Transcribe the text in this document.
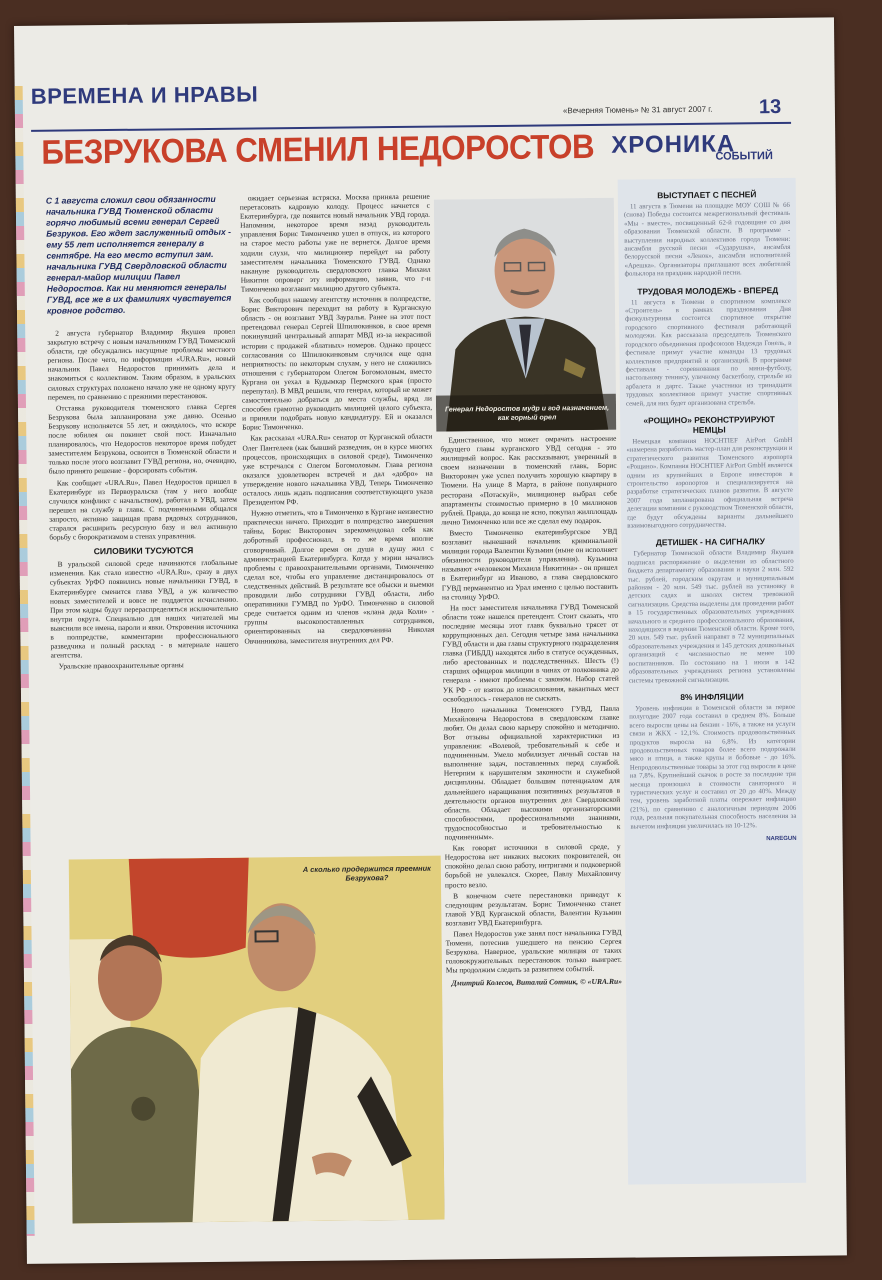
ВРЕМЕНА И НРАВЫ
«Вечерняя Тюмень» № 31 август 2007 г. 13
БЕЗРУКОВА СМЕНИЛ НЕДОРОСТОВ ХРОНИКА
СОБЫТИЙ
С 1 августа сложил свои обязанности начальника ГУВД Тюменской области горячо любимый всеми генерал Сергей Безруков. Его ждет заслуженный отдых - ему 55 лет исполняется генералу в сентябре. На его место вступил зам. начальника ГУВД Свердловской области генерал-майор милиции Павел Недоростов. Как ни меняются генералы ГУВД, все же в их фамилиях чувствуется кровное родство.

2 августа губернатор Владимир Якушев провел закрытую встречу с новым начальником ГУВД Тюменской области, где обсуждались насущные проблемы местного региона. После чего, по информации «URA.Ru», новый начальник Павел Недоростов принимать дела и знакомиться с коллективом. Таким образом, в уральских силовых структурах положено начало уже не одному кругу перемен, по сравнению с прежними перестановок.

Отставка руководителя тюменского главка Сергея Безрукова была запланирована уже давно. Осенью Безрукову исполняется 55 лет, и ожидалось, что вскоре после юбилея он покинет свой пост. Изначально планировалось, что Недоростов некоторое время побудет заместителем Безрукова, освоится в Тюменской области и только после этого возглавит ГУВД региона, но, очевидно, было принято решение - форсировать события.

Как сообщает «URA.Ru», Павел Недоростов пришел в Екатеринбург из Первоуральска (там у него вообще случился конфликт с начальством), работал в УВД, затем перешел на службу в главк. С подчиненными общался запросто, активно защищая права рядовых сотрудников, старался расширить ресурсную базу и вел активную борьбу с бюрократизмом в стенах управления.

СИЛОВИКИ ТУСУЮТСЯ

В уральской силовой среде начинаются глобальные изменения. Как стало известно «URA.Ru», сразу в двух субъектах УрФО появились новые начальники ГУВД, в Екатеринбурге сменится глава УВД, а уж количество новых заместителей и вовсе не поддается исчислению. При этом кадры будут перераспределяться исключительно внутри округа. Специально для наших читателей мы выяснили все имена, пароли и явки. Откровения источника в полпредстве, комментарии профессионального разведчика и полный расклад - в материале нашего агентства.

Уральские правоохранительные органы

ожидает серьезная встряска. Москва приняла решение перетасовать кадровую колоду. Процесс начнется с Екатеринбурга, где появится новый начальник УВД города. Напомним, некоторое время назад руководитель управления Борис Тимонченко ушел в отпуск, из которого на старое место работы уже не вернется. Долгое время ходили слухи, что милиционер перейдет на работу заместителем начальника Тюменского ГУВД. Однако накануне руководитель свердловского главка Михаил Никитин опроверг эту информацию, заявив, что г-н Тимонченко возглавит милицию другого субъекта.

Как сообщил нашему агентству источник в полпредстве, Борис Викторович переходит на работу в Курганскую область - он возглавит УВД Зауралья. Ранее на этот пост претендовал генерал Сергей Шпилюкинков, в свое время покинувший центральный аппарат МВД из-за некрасивой истории с продажей «блатных» номеров. Однако процесс согласования со Шпилюкинковым случился еще одна неприятность: по некоторым слухам, у него не сложились отношения с губернатором Олегом Богомоловым, вместо Кургана он уехал в Кудымкар Пермского края (просто перепутал). В МВД решили, что генерал, который не может самостоятельно добраться до места службы, вряд ли способен грамотно руководить милицией целого субъекта, и приняли подобрать новую кандидатуру. Ей и оказался Борис Тимонченко.

Как рассказал «URA.Ru» сенатор от Курганской области Олег Пантелеев (как бывший разведчик, он в курсе многих процессов, происходящих в силовой среде), Тимонченко уже встречался с Олегом Богомоловым. Глава региона оказался удовлетворен встречей и дал «добро» на утверждение нового начальника УВД. Теперь Тимонченко осталось лишь ждать подписания соответствующего указа Президентом РФ.

Нужно отметить, что в Тимонченко в Кургане неизвестно практически ничего. Приходит в полпредство завершения тайны, Борис Викторович зарекомендовал себя как добротный профессионал, в то же время вполне сговорчивый. Долгое время он душа в душу жил с администрацией Екатеринбурга. Когда у мэрии начались проблемы с правоохранительными органами, Тимонченко сделал все, чтобы его управление дистанцировалось от следственных действий. В результате все обыски и выемки проводили либо сотрудники ГУВД области, либо оперативники ГУМВД по УрФО. Тимонченко в силовой среде считается одним из членов «клана деда Коли» - группы высокопоставленных сотрудников, ориентированных на свердловчанина Николая Овчинникова, заместителя внутренних дел РФ.

Генерал Недоростов мудр и год назначением, как горный орел

Единственное, что может омрачать настроение будущего главы курганского УВД сегодня - это жилищный вопрос. Как рассказывают, уверенный в своем назначении в тюменский главк, Борис Викторович уже успел получить хорошую квартиру в Тюмени. На улице 8 Марта, в районе популярного ресторана «Потаскуй», милиционер выбрал себе апартаменты стоимостью примерно в 10 миллионов рублей. Правда, до конца не ясно, покупал жилплощадь лично Тимонченко или все же сделал ему подарок.

Вместо Тимонченко екатеринбургское УВД возглавит нынешний начальник криминальной милиции города Валентин Кузьмин (ныне он исполняет обязанности руководителя управления). Кузьмина называют «человеком Михаила Никитина» - он пришел в Екатеринбург из Иваново, а глава свердловского ГУВД перманентно из Урал именно с целью поставить на столицу УрФО.

На пост заместителя начальника ГУВД Тюменской области тоже нашелся претендент. Стоит сказать, что последние месяцы этот главк буквально трясет от коррупционных дел. Сегодня четыре зама начальника ГУВД области и два главы структурного подразделения главка (ГИБДД) находятся либо в статусе осужденных, либо арестованных и подследственных. Шесть (!) старших офицеров милиции в чинах от полковника до генерала - имеют проблемы с законом. Набор статей УК РФ - от взяток до изнасилования, вакантных мест освободилось - генералов не сыскать.

Нового начальника Тюменского ГУВД, Павла Михайловича Недоростова в свердловском главке любят. Он делал свою карьеру спокойно и методично. Вот отзывы официальной характеристики из управления: «Волевой, требовательный к себе и подчиненным. Умело мобилизует личный состав на выполнение задач, поставленных перед службой. Нетерпим к нарушителям законности и служебной дисциплины. Обладает большим потенциалом для дальнейшего наращивания позитивных результатов в деятельности органов внутренних дел Свердловской области. Обладает высокими организаторскими способностями, профессиональными знаниями, трудоспособностью и требовательностью к подчиненным».

Как говорят источники в силовой среде, у Недоростова нет никаких высоких покровителей, он спокойно делал свою работу, интригами и подковерной борьбой не увлекался. Скорее, Павлу Михайловичу просто везло.

В конечном счете перестановки приведут к следующим результатам. Борис Тимонченко станет главой УВД Курганской области, Валентин Кузьмин возглавит УВД Екатеринбурга.

Павел Недоростов уже занял пост начальника ГУВД Тюмени, потеснив ушедшего на пенсию Сергея Безрукова. Наверное, уральские милиция от таких головокружительных перестановок только выиграет. Мы продолжим следить за развитием событий.

Дмитрий Колесов, Виталий Сотник, © «URA.Ru»
А сколько продержится преемник Безрукова?
ВЫСТУПАЕТ С ПЕСНЕЙ

11 августа в Тюмени на площадке МОУ СОШ № 66 (снова) Победы состоится межрегиональный фестиваль «Мы - вместе», посвященный 62-й годовщине со дня образования Тюменской области. В программе - выступления народных коллективов города Тюмени: ансамбля русской песни «Сударушка», ансамбля белорусской песни «Ленок», ансамбля исполнителей «Арешка». Организаторы приглашают всех любителей фольклора на праздник народной песни.

ТРУДОВАЯ МОЛОДЕЖЬ - ВПЕРЕД

11 августа в Тюмени в спортивном комплексе «Строитель» в рамках празднования Дня физкультурника состоится спортивное открытие городского спортивного фестиваля работающей молодежи. Как рассказала председатель Тюменского городского объединения профсоюзов Надежда Гонель, в фестивале примут участие команды 13 трудовых коллективов предприятий и организаций. В программе фестиваля - соревнования по мини-футболу, настольному теннису, уличному баскетболу, стрельбе из арбалета и дартс. Также участники из тринадцати трудовых коллективов примут участие спортивных семей, для них будет организована стрельба.

«РОЩИНО» РЕКОНСТРУИРУЮТ НЕМЦЫ

Немецкая компания HOCHTIEF AirPort GmbH «намерена разработать мастер-план для реконструкции и стратегического развития Тюменского аэропорта «Рощино». Компания HOCHTIEF AirPort GmbH является одним из крупнейших в Европе инвесторов в строительство аэропортов и специализируется на разработке стратегических планов развития. В августе 2007 года запланирована официальная встреча делегации компании с руководством Тюменской области, где будут обсуждены варианты дальнейшего взаимовыгодного сотрудничества.

ДЕТИШЕК - НА СИГНАЛКУ

Губернатор Тюменской области Владимир Якушев подписал распоряжение о выделении из областного бюджета департаменту образования и науки 2 млн. 592 тыс. рублей, городским округам и муниципальным районам - 20 млн. 549 тыс. рублей на установку в детских садах и школах систем тревожной сигнализации. Средства выделены для проведения работ в 15 государственных образовательных учреждениях начального и среднего профессионального образования, находящихся в ведении Тюменской области. Кроме того, 20 млн. 549 тыс. рублей направят в 72 муниципальных образовательных учреждения и 145 детских дошкольных организаций с численностью не менее 100 воспитанников. По состоянию на 1 июля в 142 образовательных учреждениях региона установлены системы тревожной сигнализации.

8% ИНФЛЯЦИИ

Уровень инфляции в Тюменской области за первое полугодие 2007 года составил в среднем 8%. Больше всего выросли цены на бензин - 16%, а также на услуги связи и ЖКХ - 12,1%. Стоимость продовольственных продуктов выросла на 6,8%. Из категории продовольственных товаров более всего подорожали мясо и птица, а также крупы и бобовые - до 16%. Непродовольственные товары за этот год выросли в цене на 7,8%. Крупнейший скачок в росте за последние три месяца произошел в стоимости санаторного и туристических услуг и составил от 20 до 40%. Между тем, уровень заработной платы опережает инфляцию (21%), по сравнению с аналогичным периодом 2006 года, реальная покупательная способность населения за вычетом инфляции увеличилась на 10-12%.

NAREGUN
